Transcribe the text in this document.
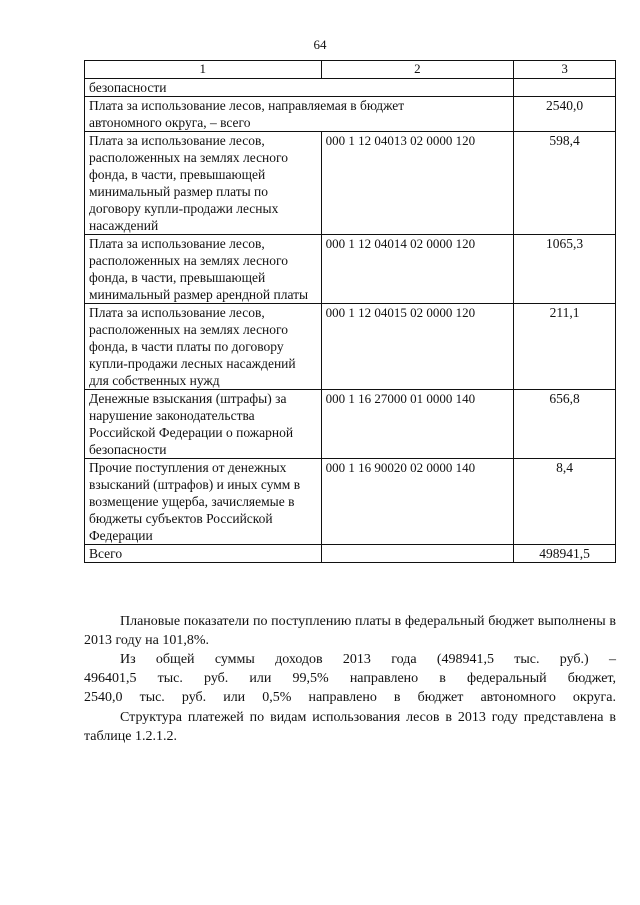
64
1	2	3
безопасности		
Плата за использование лесов, направляемая в бюджет автономного округа, – всего		2540,0
Плата за использование лесов, расположенных на землях лесного фонда, в части, превышающей минимальный размер платы по договору купли-продажи лесных насаждений	000 1 12 04013 02 0000 120	598,4
Плата за использование лесов, расположенных на землях лесного фонда, в части, превышающей минимальный размер арендной платы	000 1 12 04014 02 0000 120	1065,3
Плата за использование лесов, расположенных на землях лесного фонда, в части платы по договору купли-продажи лесных насаждений для собственных нужд	000 1 12 04015 02 0000 120	211,1
Денежные взыскания (штрафы) за нарушение законодательства Российской Федерации о пожарной безопасности	000 1 16 27000 01 0000 140	656,8
Прочие поступления от денежных взысканий (штрафов) и иных сумм в возмещение ущерба, зачисляемые в бюджеты субъектов Российской Федерации	000 1 16 90020 02 0000 140	8,4
Всего		498941,5

Плановые показатели по поступлению платы в федеральный бюджет выполнены в 2013 году на 101,8%.

Из общей суммы доходов 2013 года (498941,5 тыс. руб.) –
496401,5 тыс. руб. или 99,5% направлено в федеральный бюджет,
2540,0 тыс. руб. или 0,5% направлено в бюджет автономного округа.

Структура платежей по видам использования лесов в 2013 году представлена в таблице 1.2.1.2.
